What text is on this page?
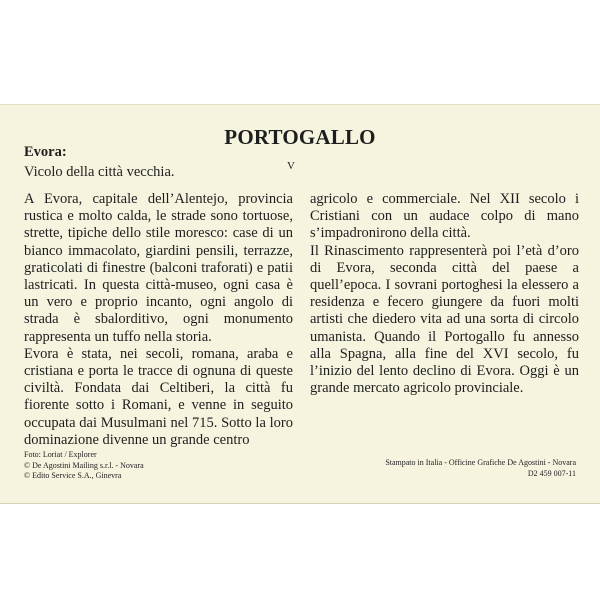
PORTOGALLO
Evora:
Vicolo della città vecchia.	V

A Evora, capitale dell’Alentejo, provincia rustica e molto calda, le strade sono tortuose, strette, tipiche dello stile moresco: case di un bianco immacolato, giardini pensili, terrazze, graticolati di finestre (balconi traforati) e patii lastricati. In questa città-museo, ogni casa è un vero e proprio incanto, ogni angolo di strada è sbalorditivo, ogni monumento rappresenta un tuffo nella storia.

Evora è stata, nei secoli, romana, araba e cristiana e porta le tracce di ognuna di queste civiltà. Fondata dai Celtiberi, la città fu fiorente sotto i Romani, e venne in seguito occupata dai Musulmani nel 715. Sotto la loro dominazione divenne un grande centro

agricolo e commerciale. Nel XII secolo i Cristiani con un audace colpo di mano s’impadronirono della città.

Il Rinascimento rappresenterà poi l’età d’oro di Evora, seconda città del paese a quell’epoca. I sovrani portoghesi la elessero a residenza e fecero giungere da fuori molti artisti che diedero vita ad una sorta di circolo umanista. Quando il Portogallo fu annesso alla Spagna, alla fine del XVI secolo, fu l’inizio del lento declino di Evora. Oggi è un grande mercato agricolo provinciale.

Foto: Loriat / Explorer
© De Agostini Mailing s.r.l. - Novara
© Edito Service S.A., Ginevra
Stampato in Italia - Officine Grafiche De Agostini - Novara
D2 459 007-11
